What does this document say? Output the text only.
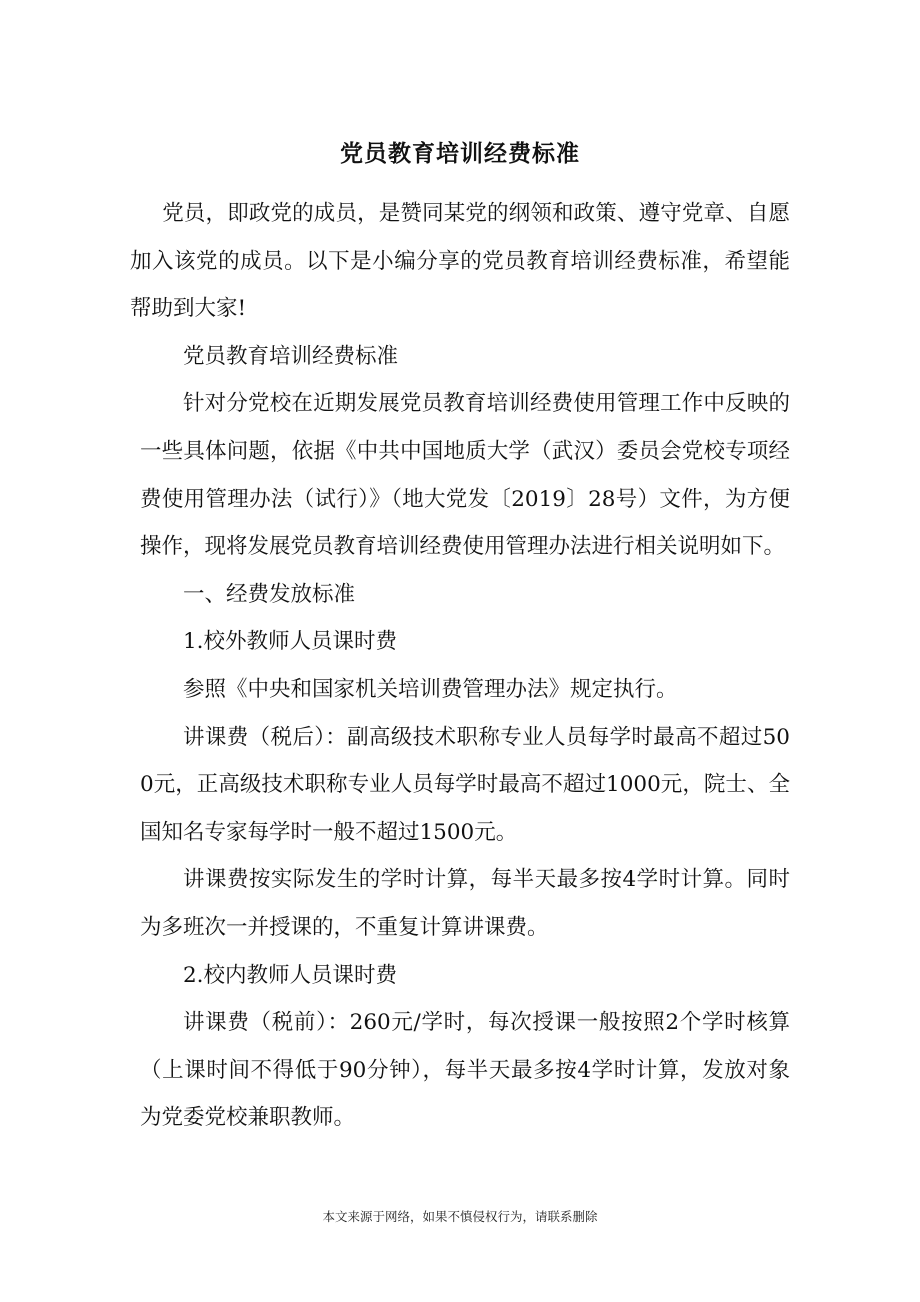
党员教育培训经费标准

党员，即政党的成员，是赞同某党的纲领和政策、遵守党章、自愿加入该党的成员。以下是小编分享的党员教育培训经费标准，希望能帮助到大家!

党员教育培训经费标准

针对分党校在近期发展党员教育培训经费使用管理工作中反映的一些具体问题，依据《中共中国地质大学（武汉）委员会党校专项经费使用管理办法（试行）》（地大党发〔2019〕28号）文件，为方便操作，现将发展党员教育培训经费使用管理办法进行相关说明如下。

一、经费发放标准

1.校外教师人员课时费

参照《中央和国家机关培训费管理办法》规定执行。

讲课费（税后）：副高级技术职称专业人员每学时最高不超过500元，正高级技术职称专业人员每学时最高不超过1000元，院士、全国知名专家每学时一般不超过1500元。

讲课费按实际发生的学时计算，每半天最多按4学时计算。同时为多班次一并授课的，不重复计算讲课费。

2.校内教师人员课时费

讲课费（税前）：260元/学时，每次授课一般按照2个学时核算（上课时间不得低于90分钟），每半天最多按4学时计算，发放对象为党委党校兼职教师。

本文来源于网络，如果不慎侵权行为，请联系删除
